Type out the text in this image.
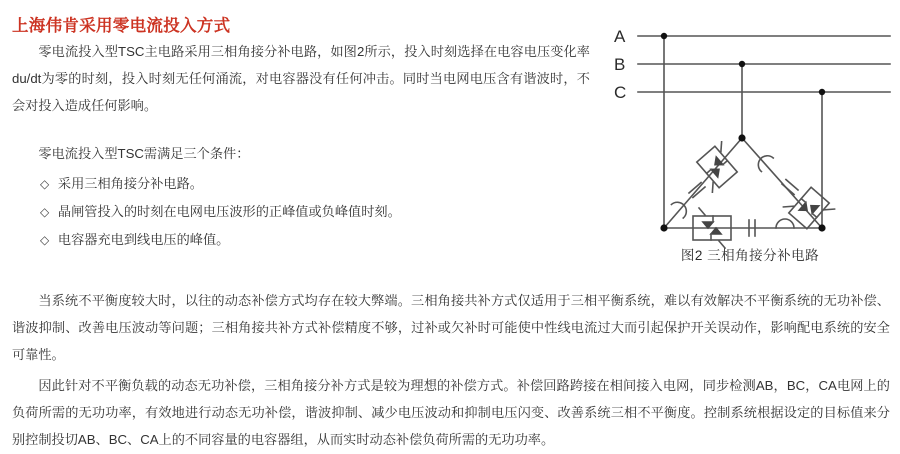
上海伟肯采用零电流投入方式
零电流投入型TSC主电路采用三相角接分补电路，如图2所示，投入时刻选择在电容电压变化率du/dt为零的时刻，投入时刻无任何涌流，对电容器没有任何冲击。同时当电网电压含有谐波时，不会对投入造成任何影响。
零电流投入型TSC需满足三个条件：
◇ 采用三相角接分补电路。
◇ 晶闸管投入的时刻在电网电压波形的正峰值或负峰值时刻。
◇ 电容器充电到线电压的峰值。
当系统不平衡度较大时，以往的动态补偿方式均存在较大弊端。三相角接共补方式仅适用于三相平衡系统，难以有效解决不平衡系统的无功补偿、谐波抑制、改善电压波动等问题；三相角接共补方式补偿精度不够，过补或欠补时可能使中性线电流过大而引起保护开关误动作，影响配电系统的安全可靠性。
因此针对不平衡负载的动态无功补偿，三相角接分补方式是较为理想的补偿方式。补偿回路跨接在相间接入电网，同步检测AB，BC，CA电网上的负荷所需的无功功率，有效地进行动态无功补偿，谐波抑制、减少电压波动和抑制电压闪变、改善系统三相不平衡度。控制系统根据设定的目标值来分别控制投切AB、BC、CA上的不同容量的电容器组，从而实时动态补偿负荷所需的无功功率。
A
B
C
图2 三相角接分补电路
